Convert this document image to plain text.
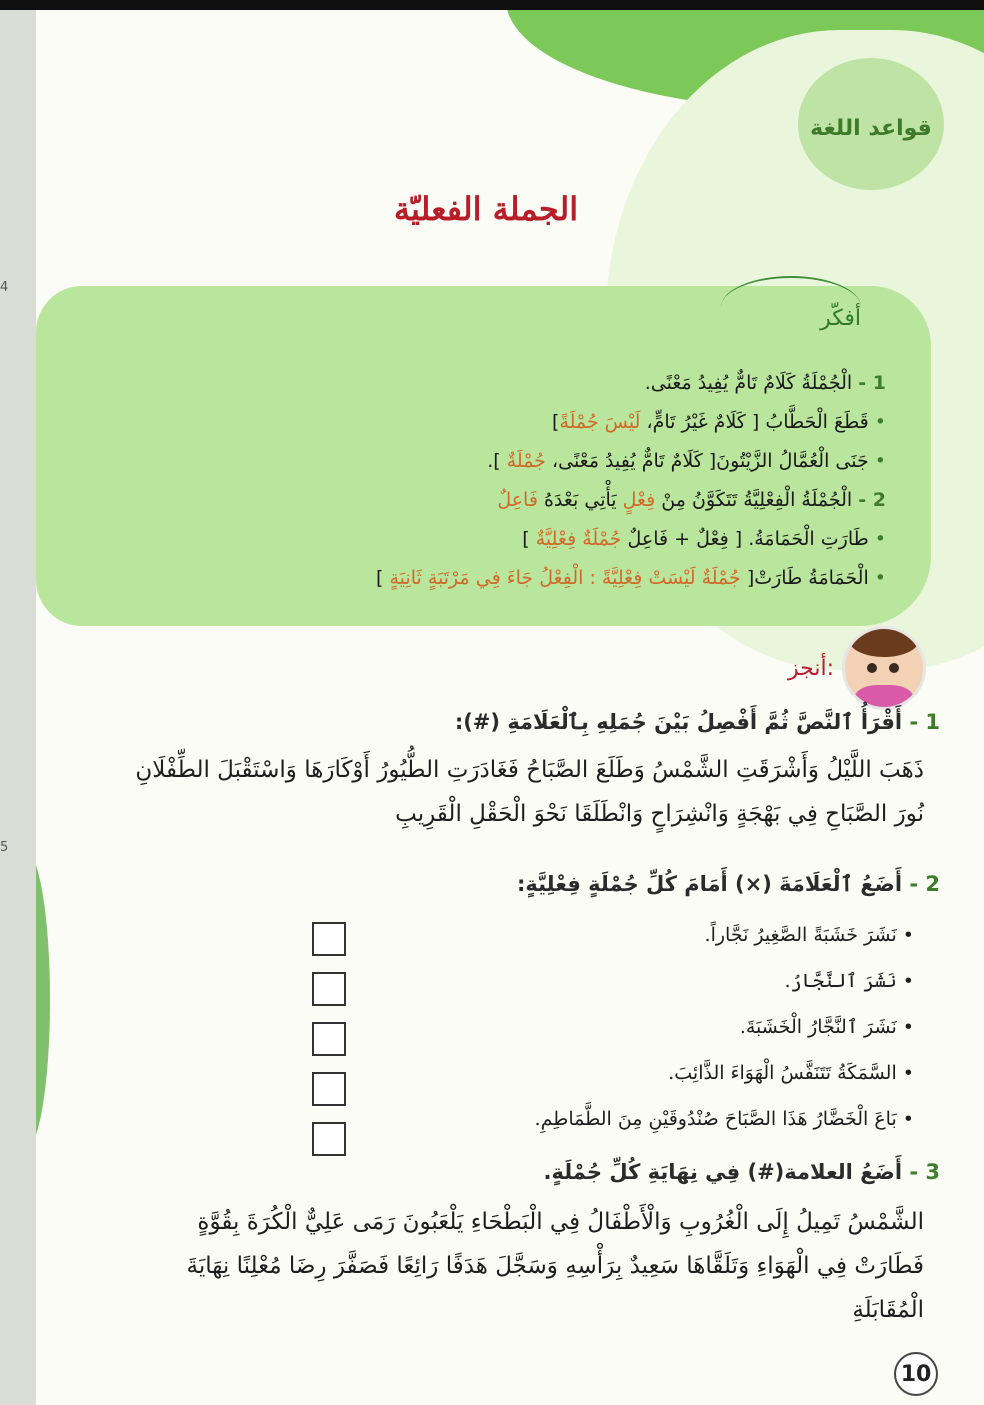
4
5
قواعد اللغة
الجملة الفعليّة
أفكّر
1 - الْجُمْلَةُ كَلَامٌ تَامٌّ يُفِيدُ مَعْنًى.
• قَطَعَ الْحَطَّابُ [ كَلَامٌ غَيْرُ تَامٍّ، لَيْسَ جُمْلَةً]
• جَنَى الْعُمَّالُ الزَّيْتُونَ[ كَلَامٌ تَامٌّ يُفِيدُ مَعْنًى، جُمْلَةٌ ].
2 - الْجُمْلَةُ الْفِعْلِيَّةُ تَتَكَوَّنُ مِنْ فِعْلٍ يَأْتِي بَعْدَهُ فَاعِلٌ
• طَارَتِ الْحَمَامَةُ. [ فِعْلٌ + فَاعِلٌ جُمْلَةٌ فِعْلِيَّةٌ ]
• الْحَمَامَةُ طَارَتْ[ جُمْلَةٌ لَيْسَتْ فِعْلِيَّةً : الْفِعْلُ جَاءَ فِي مَرْتَبَةٍ ثَانِيَةٍ ]
أنجز:
1 - أَقْرَأُ ٱلنَّصَّ ثُمَّ أَفْصِلُ بَيْنَ جُمَلِهِ بِٱلْعَلَامَةِ (#):
ذَهَبَ اللَّيْلُ وَأَشْرَقَتِ الشَّمْسُ وَطَلَعَ الصَّبَاحُ فَغَادَرَتِ الطُّيُورُ أَوْكَارَهَا وَاسْتَقْبَلَ الطِّفْلَانِ نُورَ الصَّبَاحِ فِي بَهْجَةٍ وَانْشِرَاحٍ وَانْطَلَقَا نَحْوَ الْحَقْلِ الْقَرِيبِ
2 - أَضَعُ ٱلْعَلَامَةَ (×) أَمَامَ كُلِّ جُمْلَةٍ فِعْلِيَّةٍ:
• نَشَرَ خَشَبَةً الصَّغِيرُ نَجَّاراً.
• نَشَرَ ٱلنَّجَّارُ.
• نَشَرَ ٱلنَّجَّارُ الْخَشَبَةَ.
• السَّمَكَةُ تَتَنَفَّسُ الْهَوَاءَ الذَّائِبَ.
• بَاعَ الْخَضَّارُ هَذَا الصَّبَاحَ صُنْدُوقَيْنِ مِنَ الطَّمَاطِمِ.
3 - أَضَعُ العلامة(#) فِي نِهَايَةِ كُلِّ جُمْلَةٍ.
الشَّمْسُ تَمِيلُ إِلَى الْغُرُوبِ وَالْأَطْفَالُ فِي الْبَطْحَاءِ يَلْعَبُونَ رَمَى عَلِيٌّ الْكُرَةَ بِقُوَّةٍ فَطَارَتْ فِي الْهَوَاءِ وَتَلَقَّاهَا سَعِيدٌ بِرَأْسِهِ وَسَجَّلَ هَدَفًا رَائِعًا فَصَفَّرَ رِضَا مُعْلِنًا نِهَايَةَ الْمُقَابَلَةِ
10
